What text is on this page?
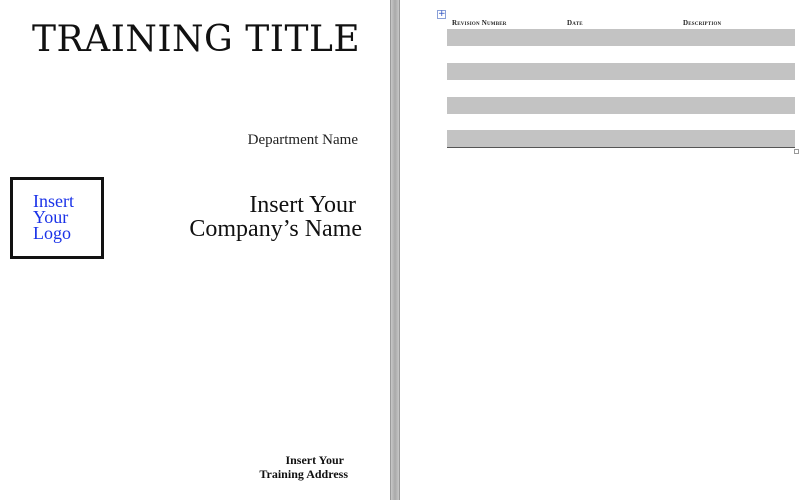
TRAINING TITLE
Department Name
Insert
Your
Logo
Insert Your
Company’s Name
Insert Your
Training Address
+
Revision Number	Date	Description
